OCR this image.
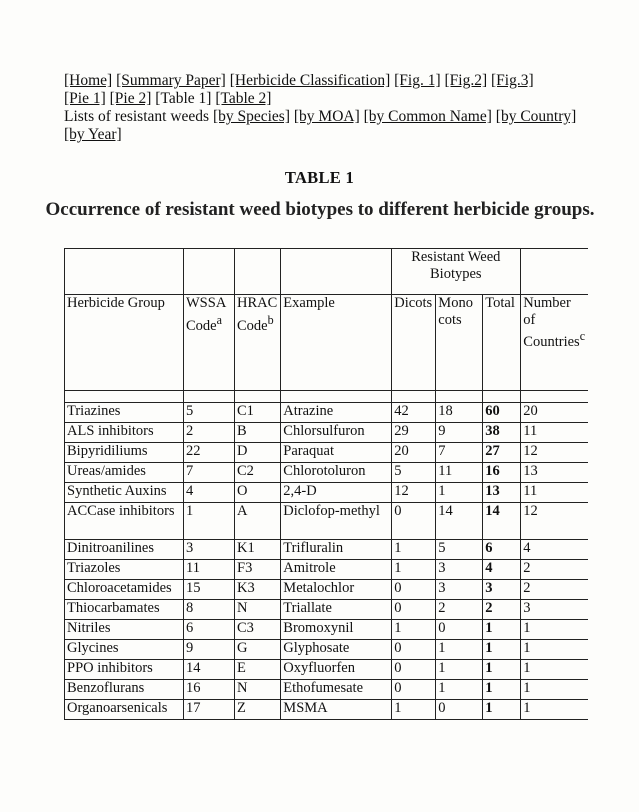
[Home] [Summary Paper] [Herbicide Classification] [Fig. 1] [Fig.2] [Fig.3]
[Pie 1] [Pie 2] [Table 1] [Table 2]
Lists of resistant weeds [by Species] [by MOA] [by Common Name] [by Country] [by Year]
TABLE 1
Occurrence of resistant weed biotypes to different herbicide groups.
				Resistant Weed Biotypes			
Herbicide Group	WSSA Code$^a$	HRAC Code$^b$	Example	Dicots	Mono cots	Total	Number of Countries$^c$

Triazines	5	C1	Atrazine	42	18	60	20
ALS inhibitors	2	B	Chlorsulfuron	29	9	38	11
Bipyridiliums	22	D	Paraquat	20	7	27	12
Ureas/amides	7	C2	Chlorotoluron	5	11	16	13
Synthetic Auxins	4	O	2,4-D	12	1	13	11
ACCase inhibitors	1	A	Diclofop-methyl	0	14	14	12
Dinitroanilines	3	K1	Trifluralin	1	5	6	4
Triazoles	11	F3	Amitrole	1	3	4	2
Chloroacetamides	15	K3	Metalochlor	0	3	3	2
Thiocarbamates	8	N	Triallate	0	2	2	3
Nitriles	6	C3	Bromoxynil	1	0	1	1
Glycines	9	G	Glyphosate	0	1	1	1
PPO inhibitors	14	E	Oxyfluorfen	0	1	1	1
Benzoflurans	16	N	Ethofumesate	0	1	1	1
Organoarsenicals	17	Z	MSMA	1	0	1	1
